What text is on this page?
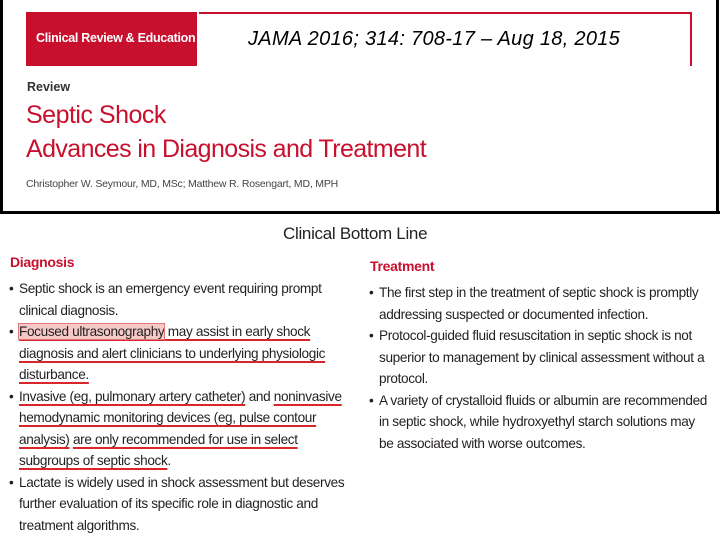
Clinical Review & Education	JAMA 2016; 314: 708-17 – Aug 18, 2015
Review
Septic Shock
Advances in Diagnosis and Treatment
Christopher W. Seymour, MD, MSc; Matthew R. Rosengart, MD, MPH
Clinical Bottom Line
Diagnosis
• Septic shock is an emergency event requiring prompt clinical diagnosis.
• Focused ultrasonography may assist in early shock diagnosis and alert clinicians to underlying physiologic disturbance.
• Invasive (eg, pulmonary artery catheter) and noninvasive hemodynamic monitoring devices (eg, pulse contour analysis) are only recommended for use in select subgroups of septic shock.
• Lactate is widely used in shock assessment but deserves further evaluation of its specific role in diagnostic and treatment algorithms.
Treatment
• The first step in the treatment of septic shock is promptly addressing suspected or documented infection.
• Protocol-guided fluid resuscitation in septic shock is not superior to management by clinical assessment without a protocol.
• A variety of crystalloid fluids or albumin are recommended in septic shock, while hydroxyethyl starch solutions may be associated with worse outcomes.
